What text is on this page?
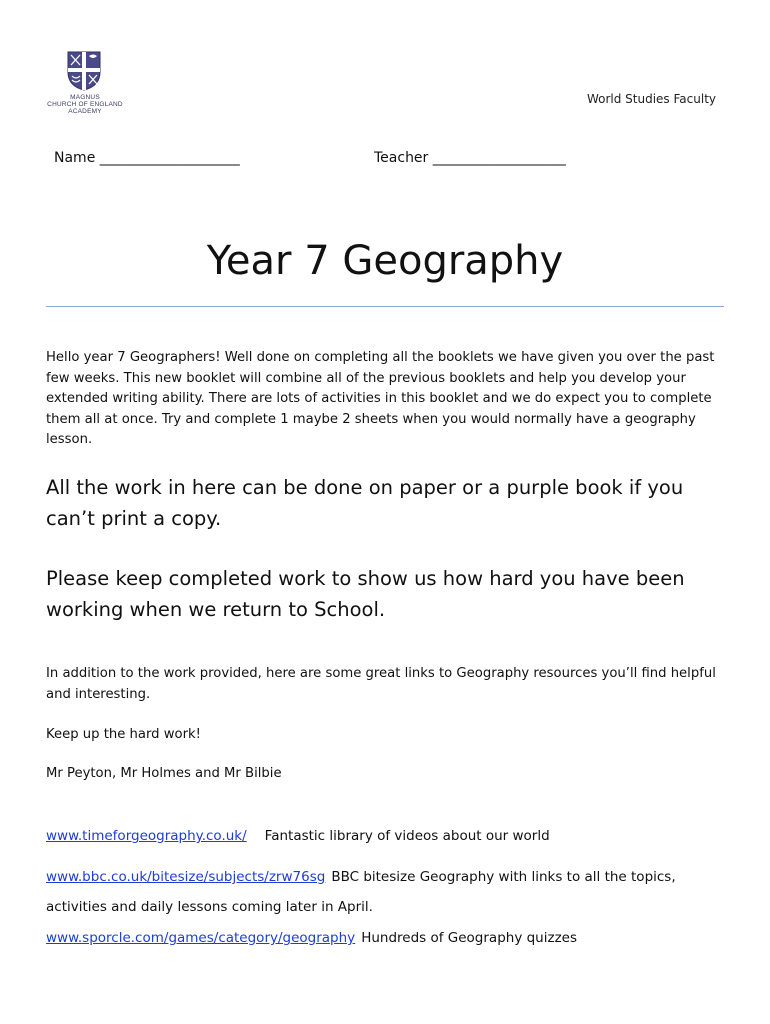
MAGNUS
CHURCH OF ENGLAND
ACADEMY
World Studies Faculty
Name ____________________	Teacher ___________________
Year 7 Geography

Hello year 7 Geographers! Well done on completing all the booklets we have given you over the past few weeks. This new booklet will combine all of the previous booklets and help you develop your extended writing ability. There are lots of activities in this booklet and we do expect you to complete them all at once. Try and complete 1 maybe 2 sheets when you would normally have a geography lesson.

All the work in here can be done on paper or a purple book if you can’t print a copy.

Please keep completed work to show us how hard you have been working when we return to School.

In addition to the work provided, here are some great links to Geography resources you’ll find helpful and interesting.

Keep up the hard work!

Mr Peyton, Mr Holmes and Mr Bilbie

www.timeforgeography.co.uk/ Fantastic library of videos about our world

www.bbc.co.uk/bitesize/subjects/zrw76sg BBC bitesize Geography with links to all the topics, activities and daily lessons coming later in April.

www.sporcle.com/games/category/geography Hundreds of Geography quizzes
